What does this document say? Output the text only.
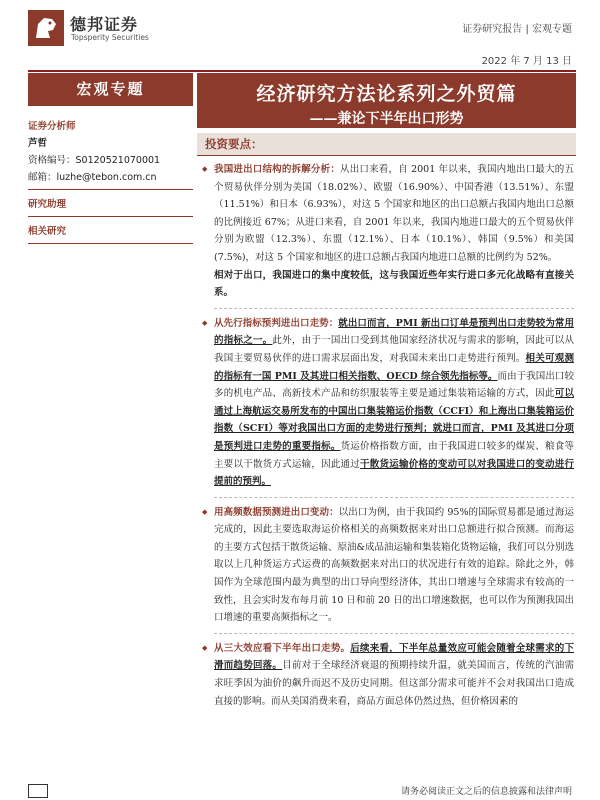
德邦证券
Topsperity Securities
证券研究报告 | 宏观专题
2022 年 7 月 13 日
宏观专题	经济研究方法论系列之外贸篇
——兼论下半年出口形势
证券分析师
芦哲
资格编号：S0120521070001
邮箱：luzhe@tebon.com.cn
研究助理
相关研究
投资要点：
◆ 我国进出口结构的拆解分析：从出口来看，自 2001 年以来，我国内地出口最大的五个贸易伙伴分别为美国（18.02%）、欧盟（16.90%）、中国香港（13.51%）、东盟（11.51%）和日本（6.93%），对这 5 个国家和地区的出口总额占我国内地出口总额的比例接近 67%；从进口来看，自 2001 年以来，我国内地进口最大的五个贸易伙伴分别为欧盟（12.3%）、东盟（12.1%）、日本（10.1%）、韩国（9.5%）和美国(7.5%)，对这 5 个国家和地区的进口总额占我国内地进口总额的比例约为 52%。
相对于出口，我国进口的集中度较低，这与我国近些年实行进口多元化战略有直接关系。
◆ 从先行指标预判进出口走势：就出口而言，PMI 新出口订单是预判出口走势较为常用的指标之一。此外，由于一国出口受到其他国家经济状况与需求的影响，因此可以从我国主要贸易伙伴的进口需求层面出发，对我国未来出口走势进行预判。相关可观测的指标有一国 PMI 及其进口相关指数、OECD 综合领先指标等。而由于我国出口较多的机电产品、高新技术产品和纺织服装等主要是通过集装箱运输的方式，因此可以通过上海航运交易所发布的中国出口集装箱运价指数（CCFI）和上海出口集装箱运价指数（SCFI）等对我国出口方面的走势进行预判；就进口而言，PMI 及其进口分项是预判进口走势的重要指标。货运价格指数方面，由于我国进口较多的煤炭、粮食等主要以干散货方式运输，因此通过干散货运输价格的变动可以对我国进口的变动进行提前的预判。
◆ 用高频数据预测进出口变动：以出口为例，由于我国约 95%的国际贸易都是通过海运完成的，因此主要选取海运价格相关的高频数据来对出口总额进行拟合预测。而海运的主要方式包括干散货运输、原油&成品油运输和集装箱化货物运输，我们可以分别选取以上几种货运方式运费的高频数据来对出口的状况进行有效的追踪。除此之外，韩国作为全球范围内最为典型的出口导向型经济体，其出口增速与全球需求有较高的一致性，且会实时发布每月前 10 日和前 20 日的出口增速数据，也可以作为预测我国出口增速的重要高频指标之一。
◆ 从三大效应看下半年出口走势。后续来看，下半年总量效应可能会随着全球需求的下滑而趋势回落。目前对于全球经济衰退的预期持续升温，就美国而言，传统的汽油需求旺季因为油价的飙升而迟不及历史同期。但这部分需求可能并不会对我国出口造成直接的影响。而从美国消费来看，商品方面总体仍然过热，但价格因素的
请务必阅读正文之后的信息披露和法律声明
